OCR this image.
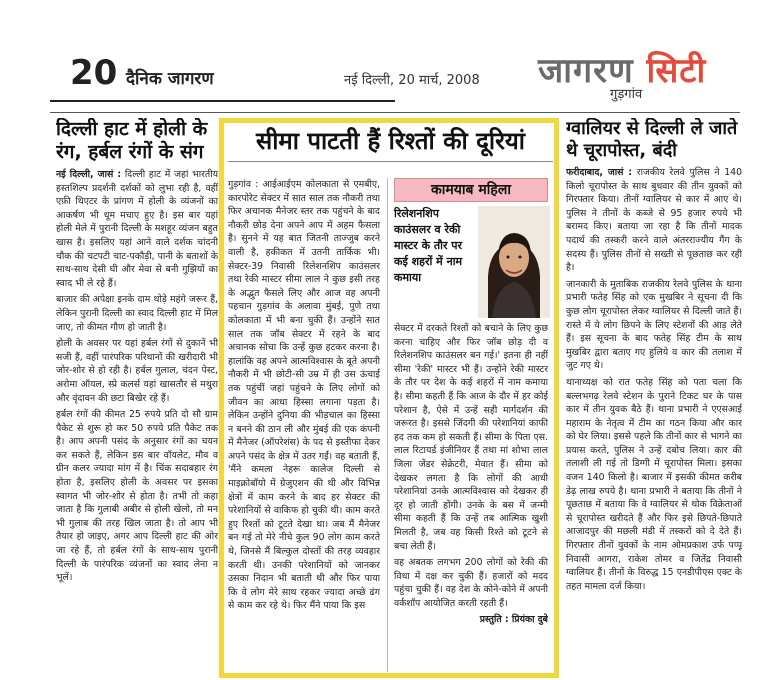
20 दैनिक जागरण	नई दिल्ली, 20 मार्च, 2008 जागरण सिटी
गुड़गांव
दिल्ली हाट में होली के रंग, हर्बल रंगों के संग

नई दिल्ली, जासं : दिल्ली हाट में जहां भारतीय हस्तशिल्प प्रदर्शनी दर्शकों को लुभा रही है, वहीं एफ़ी थिएटर के प्रांगण में होली के व्यंजनों का आकर्षण भी धूम मचाए हुए है। इस बार यहां होली मेले में पुरानी दिल्ली के मशहूर व्यंजन बहुत खास है। इसलिए यहां आने वाले दर्शक चांदनी चौक की चटपटी चाट-पकौड़ी, पानी के बताशों के साथ-साथ देसी घी और मेवा से बनी गुझियों का स्वाद भी ले रहे हैं।

बाजार की अपेक्षा इनके दाम थोड़े महंगे जरूर हैं, लेकिन पुरानी दिल्ली का स्वाद दिल्ली हाट में मिल जाए, तो कीमत गौण हो जाती है।

होली के अवसर पर यहां हर्बल रंगों से दुकानें भी सजी हैं, वहीं पारंपरिक परिधानों की खरीदारी भी जोर-शोर से हो रही है। हर्बल गुलाल, चंदन पेस्ट, अरोमा ऑयल, स्प्रे कलर्स यहां खासतौर से मथुरा और वृंदावन की छटा बिखेर रहे हैं।

हर्बल रंगों की कीमत 25 रुपये प्रति दो सौ ग्राम पैकेट से शुरू हो कर 50 रुपये प्रति पैकेट तक है। आप अपनी पसंद के अनुसार रंगों का चयन कर सकते हैं, लेकिन इस बार वॉयलेट, मौव व ग्रीन कलर ज्यादा मांग में है। चिंक सदाबहार रंग होता है, इसलिए होली के अवसर पर इसका स्वागत भी जोर-शोर से होता है। तभी तो कहा जाता है कि गुलाबी अबीर से होली खेलो, तो मन भी गुलाब की तरह खिल जाता है। तो आप भी तैयार हो जाइए, अगर आप दिल्ली हाट की ओर जा रहे हैं, तो हर्बल रंगों के साथ-साथ पुरानी दिल्ली के पारंपरिक व्यंजनों का स्वाद लेना न भूलें।

सीमा पाटती हैं रिश्तों की दूरियां

गुड़गांव : आईआईएम कोलकाता से एमबीए, कारपोरेट सेक्टर में सात साल तक नौकरी तथा फिर अचानक मैनेजर स्तर तक पहुंचने के बाद नौकरी छोड़ देना अपने आप में अहम फैसला है। सुनने में यह बात जितनी ताज्जुब करने वाली है, हकीकत में उतनी तार्किक भी। सेक्टर-39 निवासी रिलेशनशिप काउंसलर तथा रेकी मास्टर सीमा लाल ने कुछ इसी तरह के अद्भुत फैसले लिए और आज वह अपनी पहचान गुड़गांव के अलावा मुंबई, पुणे तथा कोलकाता में भी बना चुकी हैं। उन्होंने सात साल तक जॉब सेक्टर में रहने के बाद अचानक सोचा कि उन्हें कुछ हटकर करना है। हालांकि वह अपने आत्मविश्वास के बूते अपनी नौकरी में भी छोटी-सी उम्र में ही उस ऊंचाई तक पहुंचीं जहां पहुंचने के लिए लोगों को जीवन का आधा हिस्सा लगाना पड़ता है। लेकिन उन्होंने दुनिया की भीड़चाल का हिस्सा न बनने की ठान ली और मुंबई की एक कंपनी में मैनेजर (ऑपरेशंस) के पद से इस्तीफा देकर अपने पसंद के क्षेत्र में उतर गईं। वह बताती हैं, 'मैंने कमला नेहरू कालेज दिल्ली से माइक्रोबॉयो में ग्रेजुएशन की थी और विभिन्न क्षेत्रों में काम करने के बाद हर सेक्टर की परेशानियों से वाकिफ हो चुकी थी। काम करते हुए रिश्तों को टूटते देखा था। जब मैं मैनेजर बन गई तो मेरे नीचे कुल 90 लोग काम करते थे, जिनसे मैं बिल्कुल दोस्तों की तरह व्यवहार करती थी। उनकी परेशानियों को जानकर उसका निदान भी बताती थी और फिर पाया कि वे लोग मेरे साथ रहकर ज्यादा अच्छे ढंग से काम कर रहे थे। फिर मैंने पाया कि इस

कामयाब महिला
रिलेशनशिप काउंसलर व रेकी मास्टर के तौर पर कई शहरों में नाम कमाया

सेक्टर में दरकते रिश्तों को बचाने के लिए कुछ करना चाहिए और फिर जॉब छोड़ दी व रिलेशनशिप काउंसलर बन गई।' इतना ही नहीं सीमा 'रेकी' मास्टर भी हैं। उन्होंने रेकी मास्टर के तौर पर देश के कई शहरों में नाम कमाया है। सीमा कहती हैं कि आज के दौर में हर कोई परेशान है, ऐसे में उन्हें सही मार्गदर्शन की जरूरत है। इससे जिंदगी की परेशानियां काफी हद तक कम हो सकती हैं। सीमा के पिता एस. लाल रिटायर्ड इंजीनियर हैं तथा मां शोभा लाल जिला जेंडर सेक्रेटरी, मेवात हैं। सीमा को देखकर लगता है कि लोगों की आधी परेशानियां उनके आत्मविश्वास को देखकर ही दूर हो जाती होंगी। उनके के बस में जन्मी सीमा कहती हैं कि उन्हें तब आत्मिक खुशी मिलती है, जब वह किसी रिश्ते को टूटने से बचा लेती हैं।

वह अबतक लगभग 200 लोगों को रेकी की विधा में दक्ष कर चुकी हैं। हजारों को मदद पहुंचा चुकी हैं। वह देश के कोने-कोने में अपनी वर्कशॉप आयोजित करती रहती हैं।

प्रस्तुति : प्रियंका दुबे

ग्वालियर से दिल्ली ले जाते थे चूरापोस्त, बंदी

फरीदाबाद, जासं : राजकीय रेलवे पुलिस ने 140 किलो चूरापोस्त के साथ बुधवार की तीन युवकों को गिरफ्तार किया। तीनों ग्वालियर से कार में आए थे। पुलिस ने तीनों के कब्जे से 95 हजार रुपये भी बरामद किए। बताया जा रहा है कि तीनों मादक पदार्थ की तस्करी करने वाले अंतरराज्यीय गैंग के सदस्य हैं। पुलिस तीनों से सख्ती से पूछताछ कर रही है।

जानकारी के मुताबिक राजकीय रेलवे पुलिस के थाना प्रभारी फतेह सिंह को एक मुखबिर ने सूचना दी कि कुछ लोग चूरापोस्त लेकर ग्वालियर से दिल्ली जाते हैं। रास्ते में ये लोग छिपने के लिए स्टेशनों की आड़ लेते हैं। इस सूचना के बाद फतेह सिंह टीम के साथ मुखबिर द्वारा बताए गए हुलिये व कार की तलाश में जुट गए थे।

थानाध्यक्ष को रात फतेह सिंह को पता चला कि बल्लभगढ़ रेलवे स्टेशन के पुराने टिकट घर के पास कार में तीन युवक बैठे हैं। थाना प्रभारी ने एएसआई महाराम के नेतृत्व में टीम का गठन किया और कार को घेर लिया। इससे पहले कि तीनों कार से भागने का प्रयास करते, पुलिस ने उन्हें दबोच लिया। कार की तलाशी ली गई तो डिग्गी में चूरापोस्त मिला। इसका वजन 140 किलो है। बाजार में इसकी कीमत करीब डेढ़ लाख रुपये है। थाना प्रभारी ने बताया कि तीनों ने पूछताछ में बताया कि वे ग्वालियर से थोक विक्रेताओं से चूरापोस्त खरीदते हैं और फिर इसे छिपते-छिपाते आजादपुर की मछली मंडी में तस्करों को दे देते हैं। गिरफ्तार तीनों युवकों के नाम ओमप्रकाश उर्फ पप्पू निवासी आगरा, राकेश तोमर व जितेंद्र निवासी ग्वालियर हैं। तीनों के विरुद्ध 15 एनडीपीएस एक्ट के तहत मामला दर्ज किया।
